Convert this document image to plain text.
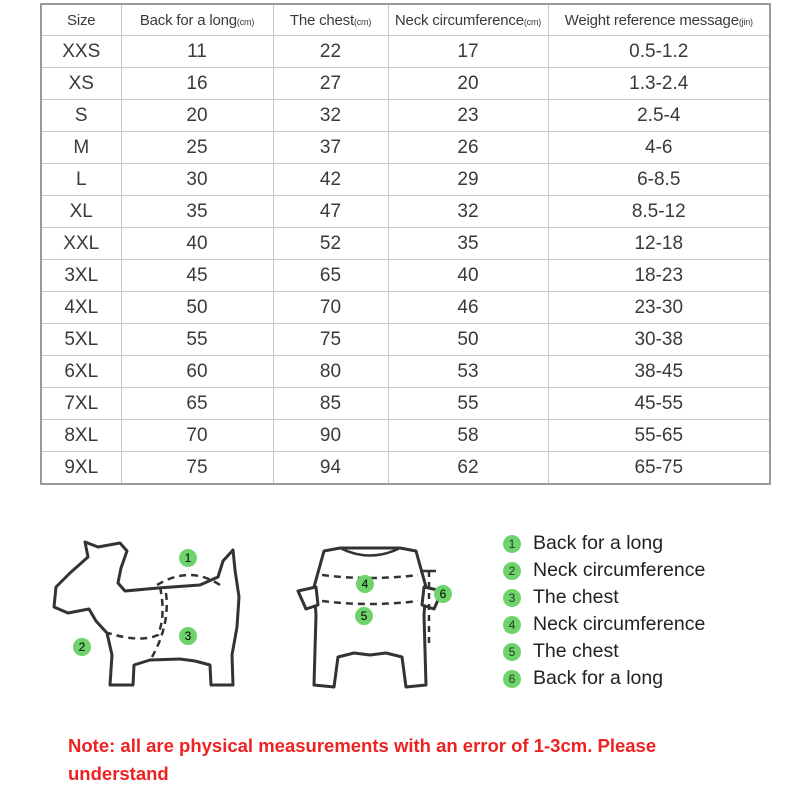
Size	Back for a long(cm)	The chest(cm)	Neck circumference(cm)	Weight reference message(jin)
XXS	11	22	17	0.5-1.2
XS	16	27	20	1.3-2.4
S	20	32	23	2.5-4
M	25	37	26	4-6
L	30	42	29	6-8.5
XL	35	47	32	8.5-12
XXL	40	52	35	12-18
3XL	45	65	40	18-23
4XL	50	70	46	23-30
5XL	55	75	50	30-38
6XL	60	80	53	38-45
7XL	65	85	55	45-55
8XL	70	90	58	55-65
9XL	75	94	62	65-75
1
2
3
4
5
6
1 Back for a long
2 Neck circumference
3 The chest
4 Neck circumference
5 The chest
6 Back for a long
Note: all are physical measurements with an error of 1-3cm. Please understand
